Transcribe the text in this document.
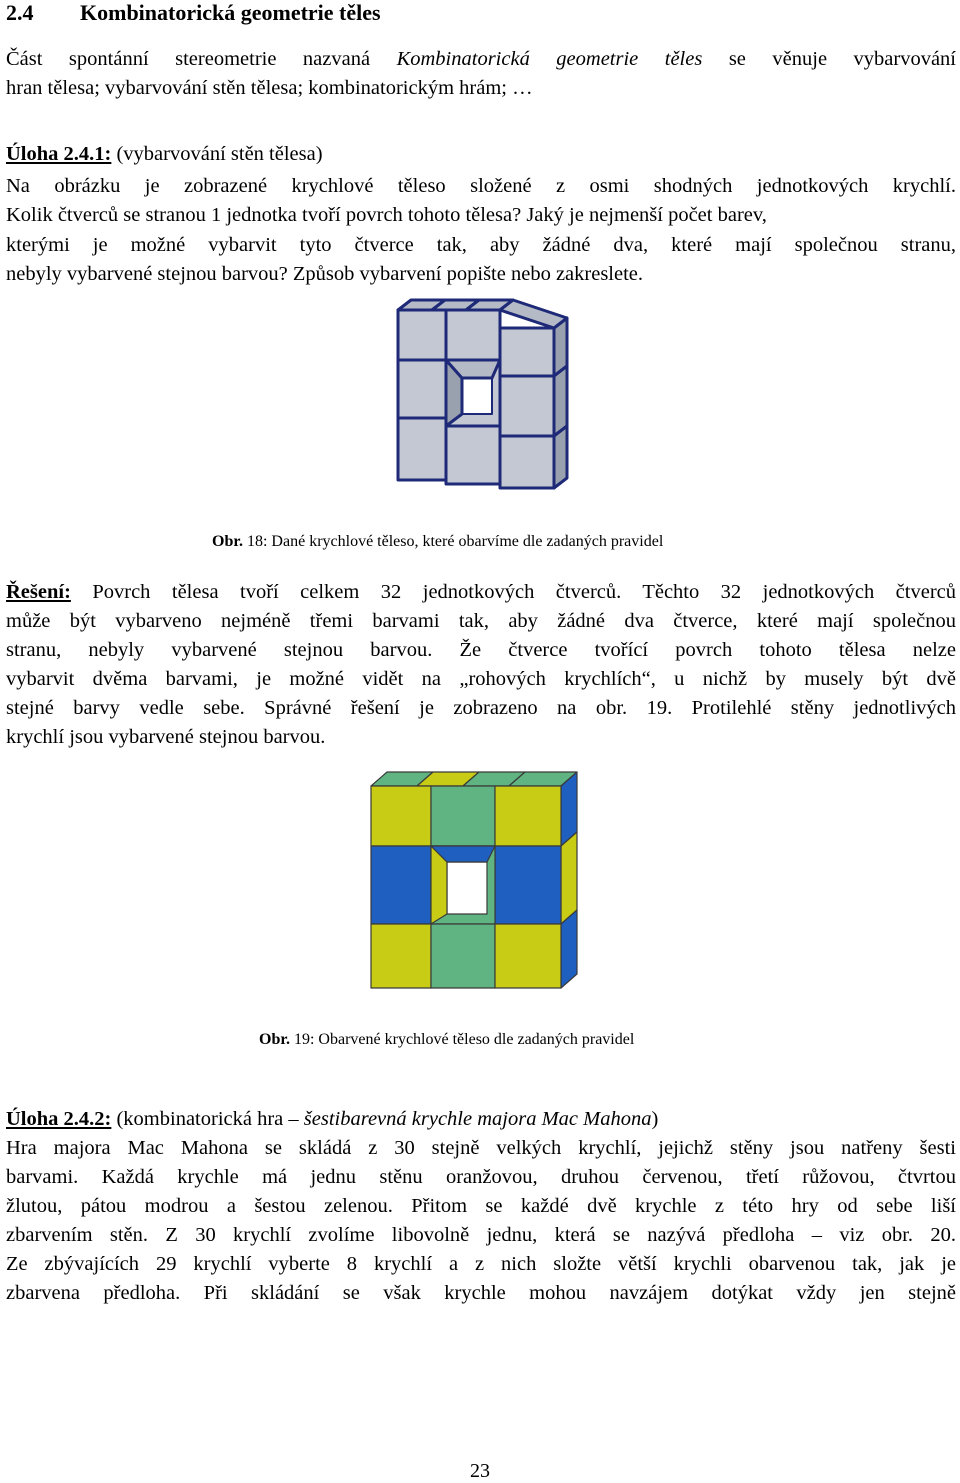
2.4 Kombinatorická geometrie těles
Část spontánní stereometrie nazvaná Kombinatorická geometrie těles se věnuje vybarvování
hran tělesa; vybarvování stěn tělesa; kombinatorickým hrám; …
Úloha 2.4.1: (vybarvování stěn tělesa)
Na obrázku je zobrazené krychlové těleso složené z osmi shodných jednotkových krychlí.
Kolik čtverců se stranou 1 jednotka tvoří povrch tohoto tělesa? Jaký je nejmenší počet barev,
kterými je možné vybarvit tyto čtverce tak, aby žádné dva, které mají společnou stranu,
nebyly vybarvené stejnou barvou? Způsob vybarvení popište nebo zakreslete.
Obr. 18: Dané krychlové těleso, které obarvíme dle zadaných pravidel
Řešení: Povrch tělesa tvoří celkem 32 jednotkových čtverců. Těchto 32 jednotkových čtverců
může být vybarveno nejméně třemi barvami tak, aby žádné dva čtverce, které mají společnou
stranu, nebyly vybarvené stejnou barvou. Že čtverce tvořící povrch tohoto tělesa nelze
vybarvit dvěma barvami, je možné vidět na „rohových krychlích“, u nichž by musely být dvě
stejné barvy vedle sebe. Správné řešení je zobrazeno na obr. 19. Protilehlé stěny jednotlivých
krychlí jsou vybarvené stejnou barvou.
Obr. 19: Obarvené krychlové těleso dle zadaných pravidel
Úloha 2.4.2: (kombinatorická hra – šestibarevná krychle majora Mac Mahona)
Hra majora Mac Mahona se skládá z 30 stejně velkých krychlí, jejichž stěny jsou natřeny šesti
barvami. Každá krychle má jednu stěnu oranžovou, druhou červenou, třetí růžovou, čtvrtou
žlutou, pátou modrou a šestou zelenou. Přitom se každé dvě krychle z této hry od sebe liší
zbarvením stěn. Z 30 krychlí zvolíme libovolně jednu, která se nazývá předloha – viz obr. 20.
Ze zbývajících 29 krychlí vyberte 8 krychlí a z nich složte větší krychli obarvenou tak, jak je
zbarvena předloha. Při skládání se však krychle mohou navzájem dotýkat vždy jen stejně
23
